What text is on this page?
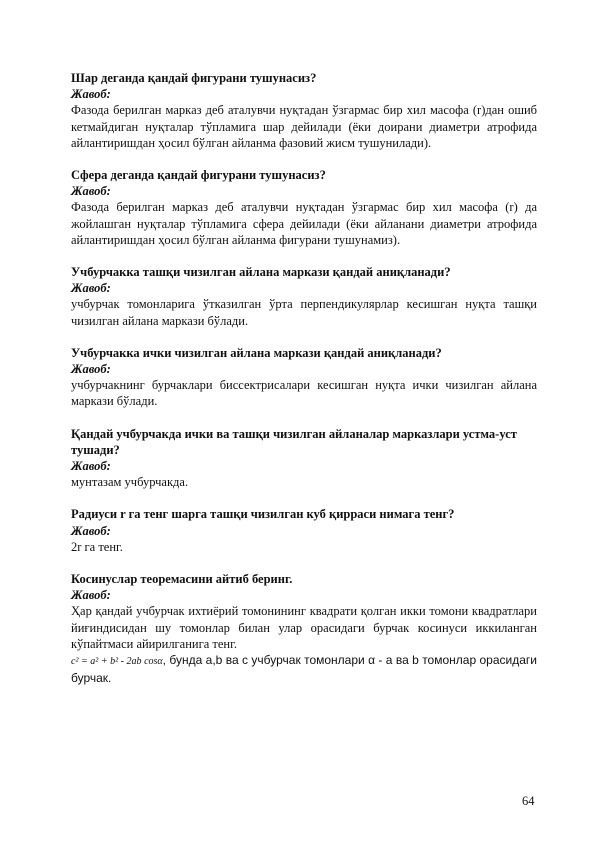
Шар деганда қандай фигурани тушунасиз?

Жавоб:

Фазода берилган марказ деб аталувчи нуқтадан ўзгармас бир хил масофа (r)дан ошиб кетмайдиган нуқталар тўпламига шар дейилади (ёки доирани диаметри атрофида айлантиришдан ҳосил бўлган айланма фазовий жисм тушунилади).

Сфера деганда қандай фигурани тушунасиз?

Жавоб:

Фазода берилган марказ деб аталувчи нуқтадан ўзгармас бир хил масофа (r) да жойлашган нуқталар тўпламига сфера дейилади (ёки айланани диаметри атрофида айлантиришдан ҳосил бўлган айланма фигурани тушунамиз).

Учбурчакка ташқи чизилган айлана маркази қандай аниқланади?

Жавоб:

учбурчак томонларига ўтказилган ўрта перпендикулярлар кесишган нуқта ташқи чизилган айлана маркази бўлади.

Учбурчакка ички чизилган айлана маркази қандай аниқланади?

Жавоб:

учбурчакнинг бурчаклари биссектрисалари кесишган нуқта ички чизилган айлана маркази бўлади.

Қандай учбурчакда ички ва ташқи чизилган айланалар марказлари устма-уст тушади?

Жавоб:

мунтазам учбурчакда.

Радиуси r га тенг шарга ташқи чизилган куб қирраси нимага тенг?

Жавоб:

2r га тенг.

Косинуслар теоремасини айтиб беринг.

Жавоб:

Ҳар қандай учбурчак ихтиёрий томонининг квадрати қолган икки томони квадратлари йиғиндисидан шу томонлар билан улар орасидаги бурчак косинуси иккиланган кўпайтмаси айирилганига тенг.

c² = a² + b² - 2ab cosα, бунда a,b ва с учбурчак томонлари α - a ва b томонлар орасидаги бурчак.

64
